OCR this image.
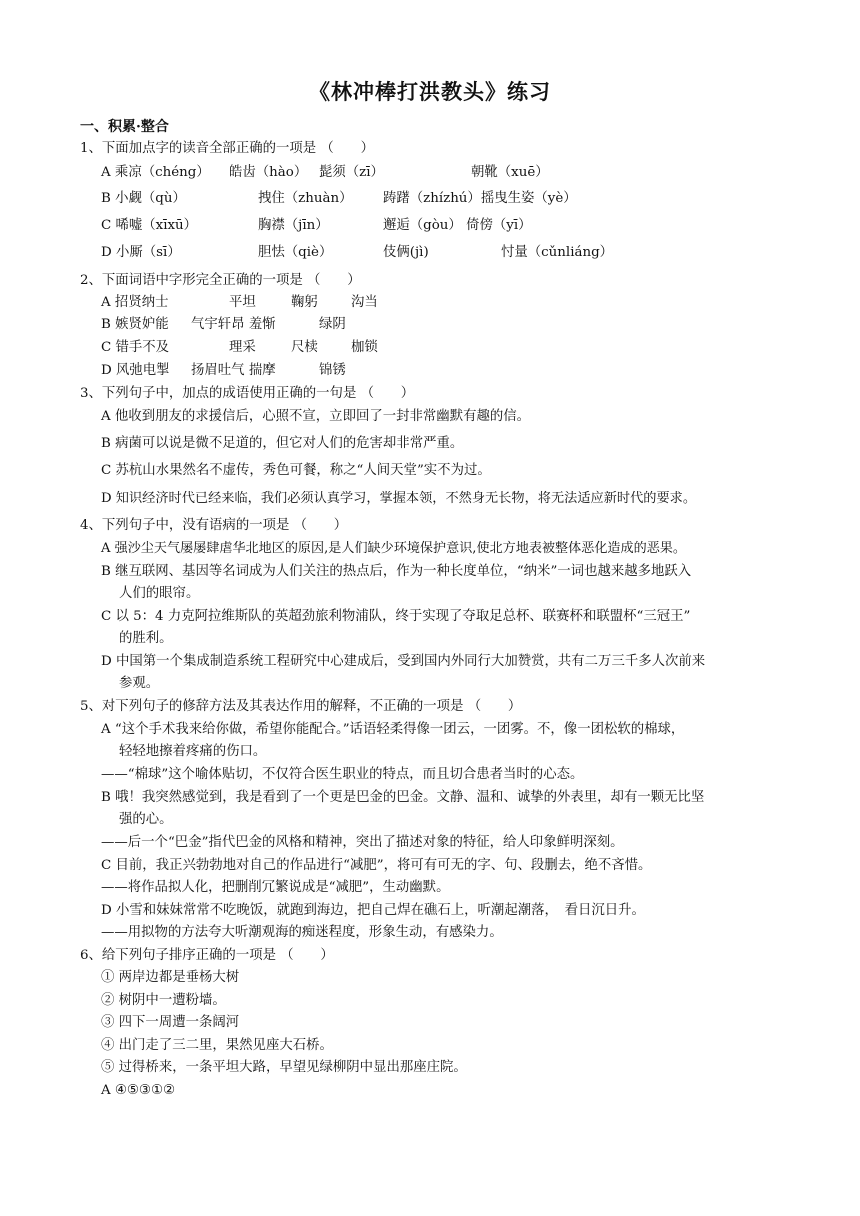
《林冲棒打洪教头》练习
一、积累·整合
1、下面加点字的读音全部正确的一项是 （　　）
A 乘凉（chéng） 皓齿（hào） 髭须（zī）	朝靴（xuē）
B 小觑（qù）	拽住（zhuàn） 踌躇（zhízhú）摇曳生姿（yè）
C 唏嘘（xīxū）	胸襟（jīn）	邂逅（gòu） 倚傍（yī）
D 小厮（sī）	胆怯（qiè）	伎俩(jì)	忖量（cǔnliáng）
2、下面词语中字形完全正确的一项是 （　　）
A 招贤纳士	平坦	鞠躬 沟当
B 嫉贤妒能 气宇轩昂 羞惭	绿阴
C 错手不及	理采	尺椟 枷锁
D 风弛电掣 扬眉吐气 揣摩	锦锈
3、下列句子中，加点的成语使用正确的一句是 （　　）
A 他收到朋友的求援信后，心照不宣，立即回了一封非常幽默有趣的信。
B 病菌可以说是微不足道的，但它对人们的危害却非常严重。
C 苏杭山水果然名不虚传，秀色可餐，称之“人间天堂”实不为过。
D 知识经济时代已经来临，我们必须认真学习，掌握本领，不然身无长物，将无法适应新时代的要求。
4、下列句子中，没有语病的一项是 （　　）
A 强沙尘天气屡屡肆虐华北地区的原因,是人们缺少环境保护意识,使北方地表被整体恶化造成的恶果。
B 继互联网、基因等名词成为人们关注的热点后，作为一种长度单位，“纳米”一词也越来越多地跃入
人们的眼帘。
C 以 5：4 力克阿拉维斯队的英超劲旅利物浦队，终于实现了夺取足总杯、联赛杯和联盟杯“三冠王”
的胜利。
D 中国第一个集成制造系统工程研究中心建成后，受到国内外同行大加赞赏，共有二万三千多人次前来
参观。
5、对下列句子的修辞方法及其表达作用的解释，不正确的一项是 （　　）
A “这个手术我来给你做，希望你能配合。”话语轻柔得像一团云，一团雾。不，像一团松软的棉球，
轻轻地擦着疼痛的伤口。
——“棉球”这个喻体贴切，不仅符合医生职业的特点，而且切合患者当时的心态。
B 哦！我突然感觉到，我是看到了一个更是巴金的巴金。文静、温和、诚挚的外表里，却有一颗无比坚
强的心。
——后一个“巴金”指代巴金的风格和精神，突出了描述对象的特征，给人印象鲜明深刻。
C 目前，我正兴勃勃地对自己的作品进行“减肥”，将可有可无的字、句、段删去，绝不吝惜。
——将作品拟人化，把删削冗繁说成是“减肥”，生动幽默。
D 小雪和妹妹常常不吃晚饭，就跑到海边，把自己焊在礁石上，听潮起潮落，　看日沉日升。
——用拟物的方法夸大听潮观海的痴迷程度，形象生动，有感染力。
6、给下列句子排序正确的一项是 （　　）
① 两岸边都是垂杨大树
② 树阴中一遭粉墙。
③ 四下一周遭一条阔河
④ 出门走了三二里，果然见座大石桥。
⑤ 过得桥来，一条平坦大路，早望见绿柳阴中显出那座庄院。
A ④⑤③①②
